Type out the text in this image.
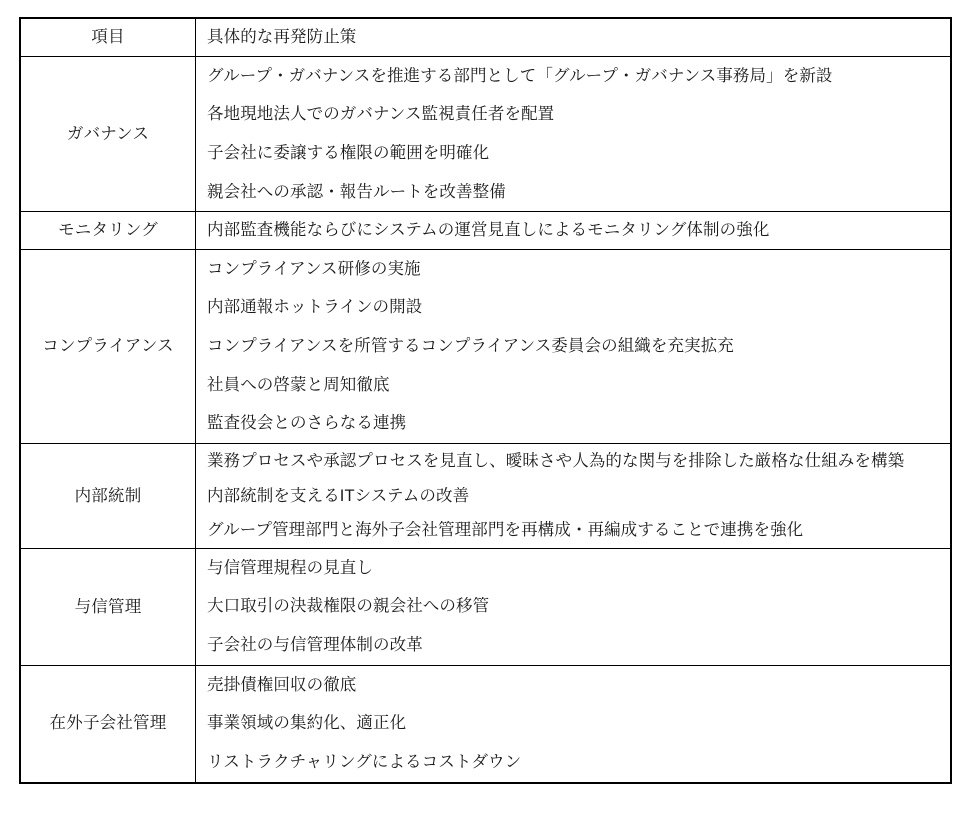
項目	具体的な再発防止策

ガバナンス	グループ・ガバナンスを推進する部門として「グループ・ガバナンス事務局」を新設
各地現地法人でのガバナンス監視責任者を配置
子会社に委譲する権限の範囲を明確化
親会社への承認・報告ルートを改善整備

モニタリング	内部監査機能ならびにシステムの運営見直しによるモニタリング体制の強化

コンプライアンス	コンプライアンス研修の実施
内部通報ホットラインの開設
コンプライアンスを所管するコンプライアンス委員会の組織を充実拡充
社員への啓蒙と周知徹底
監査役会とのさらなる連携

内部統制	業務プロセスや承認プロセスを見直し、曖昧さや人為的な関与を排除した厳格な仕組みを構築
内部統制を支えるITシステムの改善
グループ管理部門と海外子会社管理部門を再構成・再編成することで連携を強化

与信管理	与信管理規程の見直し
大口取引の決裁権限の親会社への移管
子会社の与信管理体制の改革

在外子会社管理	売掛債権回収の徹底
事業領域の集約化、適正化
リストラクチャリングによるコストダウン
